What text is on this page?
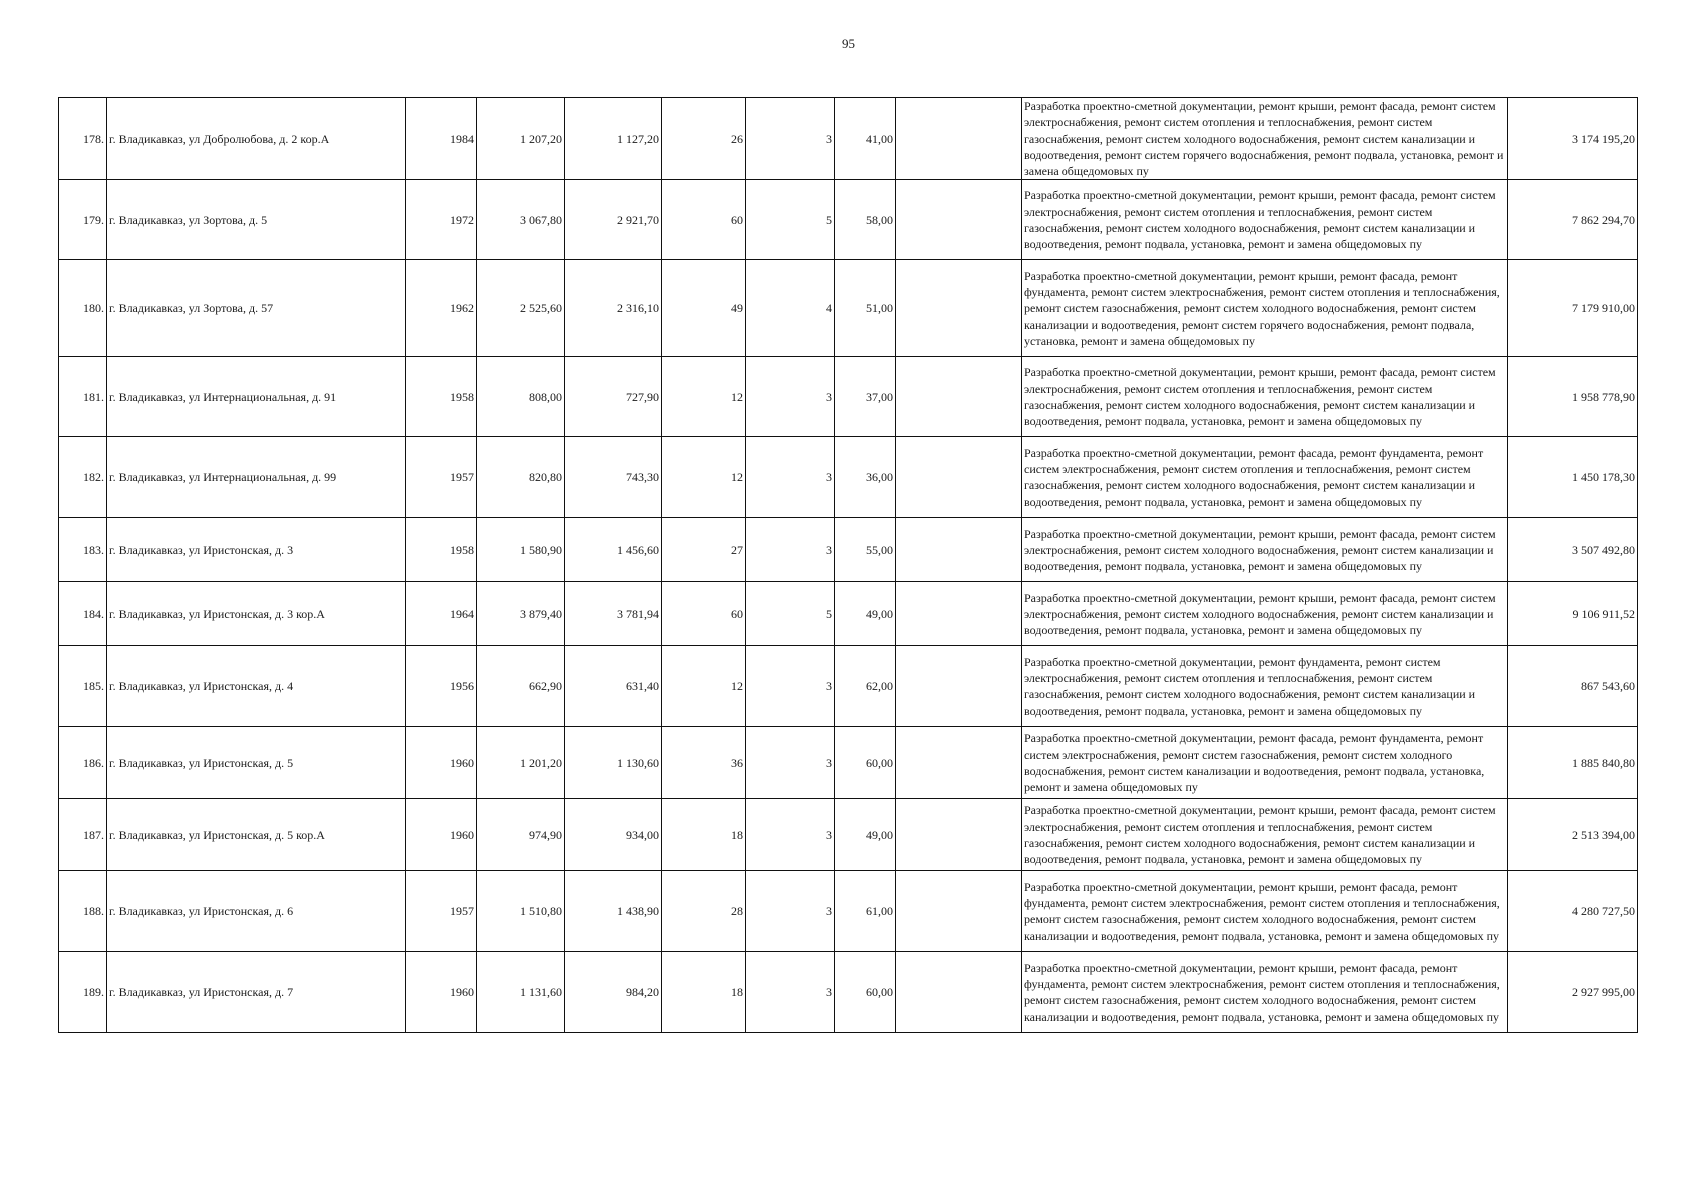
95
178.	г. Владикавказ, ул Добролюбова, д. 2 кор.А	1984	1 207,20	1 127,20	26	3	41,00		Разработка проектно-сметной документации, ремонт крыши, ремонт фасада, ремонт систем электроснабжения, ремонт систем отопления и теплоснабжения, ремонт систем газоснабжения, ремонт систем холодного водоснабжения, ремонт систем канализации и водоотведения, ремонт систем горячего водоснабжения, ремонт подвала, установка, ремонт и замена общедомовых пу	3 174 195,20
179.	г. Владикавказ, ул Зортова, д. 5	1972	3 067,80	2 921,70	60	5	58,00		Разработка проектно-сметной документации, ремонт крыши, ремонт фасада, ремонт систем электроснабжения, ремонт систем отопления и теплоснабжения, ремонт систем газоснабжения, ремонт систем холодного водоснабжения, ремонт систем канализации и водоотведения, ремонт подвала, установка, ремонт и замена общедомовых пу	7 862 294,70
180.	г. Владикавказ, ул Зортова, д. 57	1962	2 525,60	2 316,10	49	4	51,00		Разработка проектно-сметной документации, ремонт крыши, ремонт фасада, ремонт фундамента, ремонт систем электроснабжения, ремонт систем отопления и теплоснабжения, ремонт систем газоснабжения, ремонт систем холодного водоснабжения, ремонт систем канализации и водоотведения, ремонт систем горячего водоснабжения, ремонт подвала, установка, ремонт и замена общедомовых пу	7 179 910,00
181.	г. Владикавказ, ул Интернациональная, д. 91	1958	808,00	727,90	12	3	37,00		Разработка проектно-сметной документации, ремонт крыши, ремонт фасада, ремонт систем электроснабжения, ремонт систем отопления и теплоснабжения, ремонт систем газоснабжения, ремонт систем холодного водоснабжения, ремонт систем канализации и водоотведения, ремонт подвала, установка, ремонт и замена общедомовых пу	1 958 778,90
182.	г. Владикавказ, ул Интернациональная, д. 99	1957	820,80	743,30	12	3	36,00		Разработка проектно-сметной документации, ремонт фасада, ремонт фундамента, ремонт систем электроснабжения, ремонт систем отопления и теплоснабжения, ремонт систем газоснабжения, ремонт систем холодного водоснабжения, ремонт систем канализации и водоотведения, ремонт подвала, установка, ремонт и замена общедомовых пу	1 450 178,30
183.	г. Владикавказ, ул Иристонская, д. 3	1958	1 580,90	1 456,60	27	3	55,00		Разработка проектно-сметной документации, ремонт крыши, ремонт фасада, ремонт систем электроснабжения, ремонт систем холодного водоснабжения, ремонт систем канализации и водоотведения, ремонт подвала, установка, ремонт и замена общедомовых пу	3 507 492,80
184.	г. Владикавказ, ул Иристонская, д. 3 кор.А	1964	3 879,40	3 781,94	60	5	49,00		Разработка проектно-сметной документации, ремонт крыши, ремонт фасада, ремонт систем электроснабжения, ремонт систем холодного водоснабжения, ремонт систем канализации и водоотведения, ремонт подвала, установка, ремонт и замена общедомовых пу	9 106 911,52
185.	г. Владикавказ, ул Иристонская, д. 4	1956	662,90	631,40	12	3	62,00		Разработка проектно-сметной документации, ремонт фундамента, ремонт систем электроснабжения, ремонт систем отопления и теплоснабжения, ремонт систем газоснабжения, ремонт систем холодного водоснабжения, ремонт систем канализации и водоотведения, ремонт подвала, установка, ремонт и замена общедомовых пу	867 543,60
186.	г. Владикавказ, ул Иристонская, д. 5	1960	1 201,20	1 130,60	36	3	60,00		Разработка проектно-сметной документации, ремонт фасада, ремонт фундамента, ремонт систем электроснабжения, ремонт систем газоснабжения, ремонт систем холодного водоснабжения, ремонт систем канализации и водоотведения, ремонт подвала, установка, ремонт и замена общедомовых пу	1 885 840,80
187.	г. Владикавказ, ул Иристонская, д. 5 кор.А	1960	974,90	934,00	18	3	49,00		Разработка проектно-сметной документации, ремонт крыши, ремонт фасада, ремонт систем электроснабжения, ремонт систем отопления и теплоснабжения, ремонт систем газоснабжения, ремонт систем холодного водоснабжения, ремонт систем канализации и водоотведения, ремонт подвала, установка, ремонт и замена общедомовых пу	2 513 394,00
188.	г. Владикавказ, ул Иристонская, д. 6	1957	1 510,80	1 438,90	28	3	61,00		Разработка проектно-сметной документации, ремонт крыши, ремонт фасада, ремонт фундамента, ремонт систем электроснабжения, ремонт систем отопления и теплоснабжения, ремонт систем газоснабжения, ремонт систем холодного водоснабжения, ремонт систем канализации и водоотведения, ремонт подвала, установка, ремонт и замена общедомовых пу	4 280 727,50
189.	г. Владикавказ, ул Иристонская, д. 7	1960	1 131,60	984,20	18	3	60,00		Разработка проектно-сметной документации, ремонт крыши, ремонт фасада, ремонт фундамента, ремонт систем электроснабжения, ремонт систем отопления и теплоснабжения, ремонт систем газоснабжения, ремонт систем холодного водоснабжения, ремонт систем канализации и водоотведения, ремонт подвала, установка, ремонт и замена общедомовых пу	2 927 995,00
